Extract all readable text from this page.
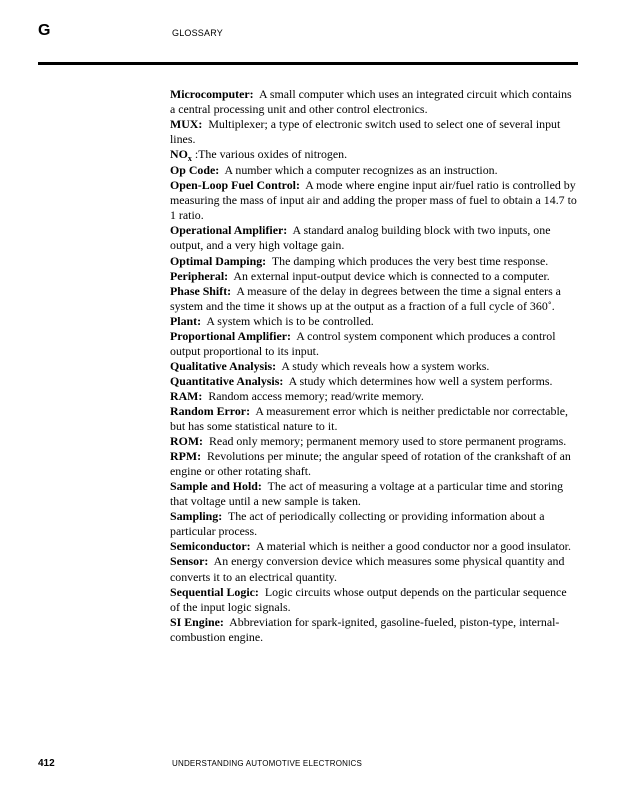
G	GLOSSARY

Microcomputer: A small computer which uses an integrated circuit which contains a central processing unit and other control electronics.

MUX: Multiplexer; a type of electronic switch used to select one of several input lines.

$NO_x$ :The various oxides of nitrogen.

Op Code: A number which a computer recognizes as an instruction.

Open-Loop Fuel Control: A mode where engine input air/fuel ratio is controlled by measuring the mass of input air and adding the proper mass of fuel to obtain a 14.7 to 1 ratio.

Operational Amplifier: A standard analog building block with two inputs, one output, and a very high voltage gain.

Optimal Damping: The damping which produces the very best time response.

Peripheral: An external input-output device which is connected to a computer.

Phase Shift: A measure of the delay in degrees between the time a signal enters a system and the time it shows up at the output as a fraction of a full cycle of 360˚.

Plant: A system which is to be controlled.

Proportional Amplifier: A control system component which produces a control output proportional to its input.

Qualitative Analysis: A study which reveals how a system works.

Quantitative Analysis: A study which determines how well a system performs.

RAM: Random access memory; read/write memory.

Random Error: A measurement error which is neither predictable nor correctable, but has some statistical nature to it.

ROM: Read only memory; permanent memory used to store permanent programs.

RPM: Revolutions per minute; the angular speed of rotation of the crankshaft of an engine or other rotating shaft.

Sample and Hold: The act of measuring a voltage at a particular time and storing that voltage until a new sample is taken.

Sampling: The act of periodically collecting or providing information about a particular process.

Semiconductor: A material which is neither a good conductor nor a good insulator.

Sensor: An energy conversion device which measures some physical quantity and converts it to an electrical quantity.

Sequential Logic: Logic circuits whose output depends on the particular sequence of the input logic signals.

SI Engine: Abbreviation for spark-ignited, gasoline-fueled, piston-type, internal-combustion engine.

412	UNDERSTANDING AUTOMOTIVE ELECTRONICS
